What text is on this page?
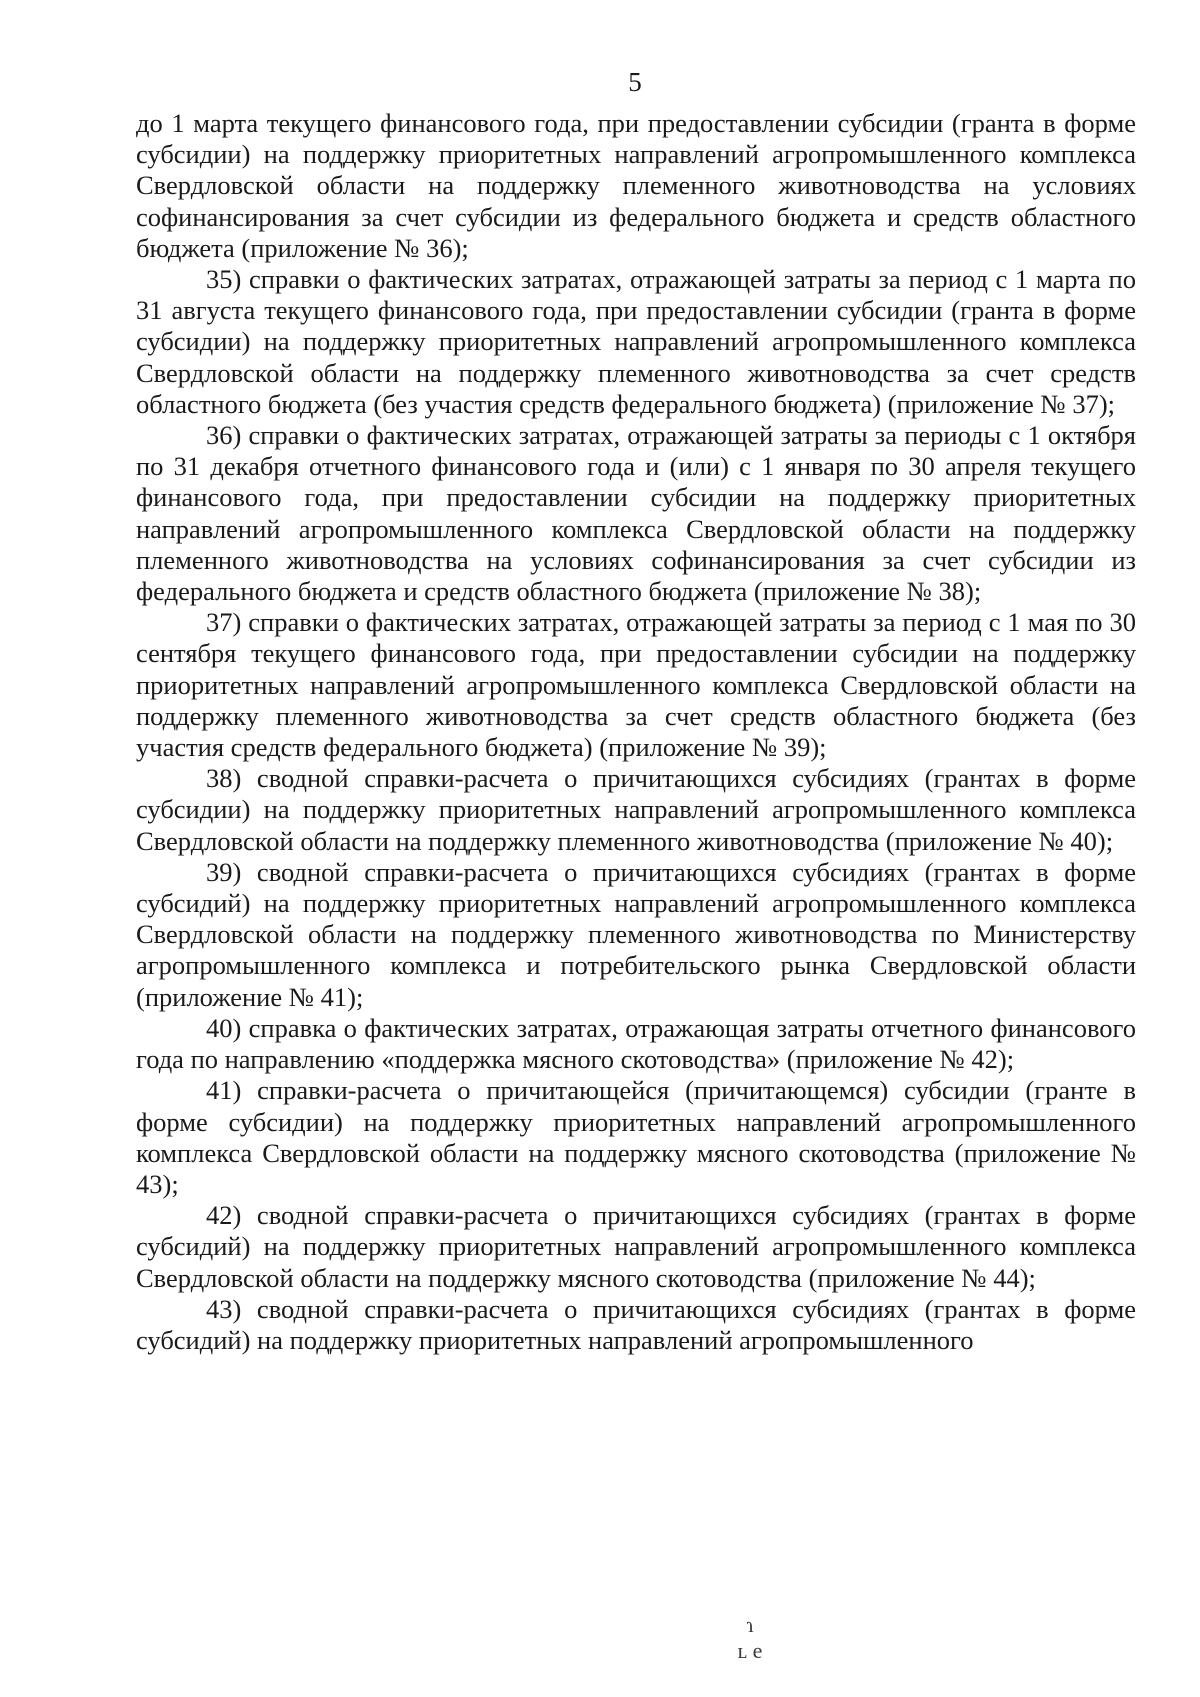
5

до 1 марта текущего финансового года, при предоставлении субсидии (гранта в форме субсидии) на поддержку приоритетных направлений агропромышленного комплекса Свердловской области на поддержку племенного животноводства на условиях софинансирования за счет субсидии из федерального бюджета и средств областного бюджета (приложение № 36);

35) справки о фактических затратах, отражающей затраты за период с 1 марта по 31 августа текущего финансового года, при предоставлении субсидии (гранта в форме субсидии) на поддержку приоритетных направлений агропромышленного комплекса Свердловской области на поддержку племенного животноводства за счет средств областного бюджета (без участия средств федерального бюджета) (приложение № 37);

36) справки о фактических затратах, отражающей затраты за периоды с 1 октября по 31 декабря отчетного финансового года и (или) с 1 января по 30 апреля текущего финансового года, при предоставлении субсидии на поддержку приоритетных направлений агропромышленного комплекса Свердловской области на поддержку племенного животноводства на условиях софинансирования за счет субсидии из федерального бюджета и средств областного бюджета (приложение № 38);

37) справки о фактических затратах, отражающей затраты за период с 1 мая по 30 сентября текущего финансового года, при предоставлении субсидии на поддержку приоритетных направлений агропромышленного комплекса Свердловской области на поддержку племенного животноводства за счет средств областного бюджета (без участия средств федерального бюджета) (приложение № 39);

38) сводной справки-расчета о причитающихся субсидиях (грантах в форме субсидии) на поддержку приоритетных направлений агропромышленного комплекса Свердловской области на поддержку племенного животноводства (приложение № 40);

39) сводной справки-расчета о причитающихся субсидиях (грантах в форме субсидий) на поддержку приоритетных направлений агропромышленного комплекса Свердловской области на поддержку племенного животноводства по Министерству агропромышленного комплекса и потребительского рынка Свердловской области (приложение № 41);

40) справка о фактических затратах, отражающая затраты отчетного финансового года по направлению «поддержка мясного скотоводства» (приложение № 42);

41) справки-расчета о причитающейся (причитающемся) субсидии (гранте в форме субсидии) на поддержку приоритетных направлений агропромышленного комплекса Свердловской области на поддержку мясного скотоводства (приложение № 43);

42) сводной справки-расчета о причитающихся субсидиях (грантах в форме субсидий) на поддержку приоритетных направлений агропромышленного комплекса Свердловской области на поддержку мясного скотоводства (приложение № 44);

43) сводной справки-расчета о причитающихся субсидиях (грантах в форме субсидий) на поддержку приоритетных направлений агропромышленного

ɿ
ʟ e
